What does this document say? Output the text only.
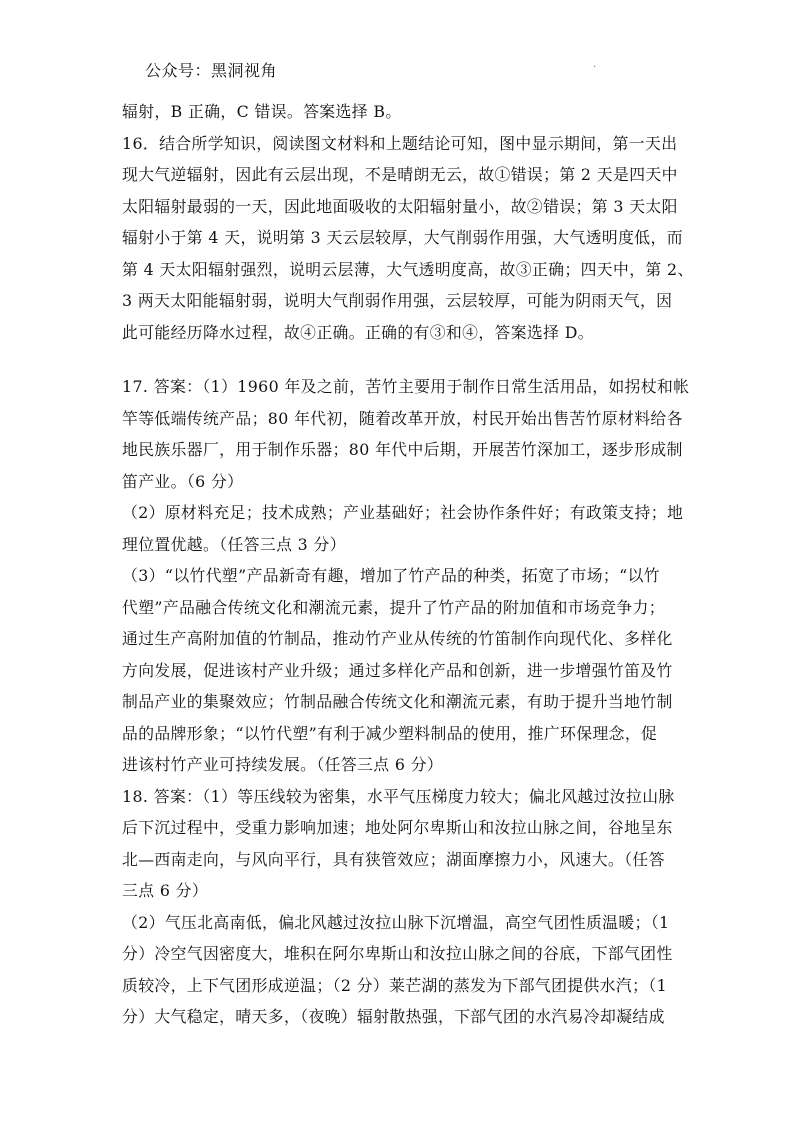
公众号：黑洞视角	·
辐射，B 正确，C 错误。答案选择 B。
16．结合所学知识，阅读图文材料和上题结论可知，图中显示期间，第一天出
现大气逆辐射，因此有云层出现，不是晴朗无云，故①错误；第 2 天是四天中
太阳辐射最弱的一天，因此地面吸收的太阳辐射量小，故②错误；第 3 天太阳
辐射小于第 4 天，说明第 3 天云层较厚，大气削弱作用强，大气透明度低，而
第 4 天太阳辐射强烈，说明云层薄，大气透明度高，故③正确；四天中，第 2、
3 两天太阳能辐射弱，说明大气削弱作用强，云层较厚，可能为阴雨天气，因
此可能经历降水过程，故④正确。正确的有③和④，答案选择 D。
17. 答案：（1）1960 年及之前，苦竹主要用于制作日常生活用品，如拐杖和帐
竿等低端传统产品；80 年代初，随着改革开放，村民开始出售苦竹原材料给各
地民族乐器厂，用于制作乐器；80 年代中后期，开展苦竹深加工，逐步形成制
笛产业。（6 分）
（2）原材料充足；技术成熟；产业基础好；社会协作条件好；有政策支持；地
理位置优越。（任答三点 3 分）
（3）“以竹代塑”产品新奇有趣，增加了竹产品的种类，拓宽了市场；“以竹
代塑”产品融合传统文化和潮流元素，提升了竹产品的附加值和市场竞争力；
通过生产高附加值的竹制品，推动竹产业从传统的竹笛制作向现代化、多样化
方向发展，促进该村产业升级；通过多样化产品和创新，进一步增强竹笛及竹
制品产业的集聚效应；竹制品融合传统文化和潮流元素，有助于提升当地竹制
品的品牌形象；“以竹代塑”有利于减少塑料制品的使用，推广环保理念，促
进该村竹产业可持续发展。（任答三点 6 分）
18. 答案：（1）等压线较为密集，水平气压梯度力较大；偏北风越过汝拉山脉
后下沉过程中，受重力影响加速；地处阿尔卑斯山和汝拉山脉之间，谷地呈东
北—西南走向，与风向平行，具有狭管效应；湖面摩擦力小，风速大。（任答
三点 6 分）
（2）气压北高南低，偏北风越过汝拉山脉下沉增温，高空气团性质温暖；（1
分）冷空气因密度大，堆积在阿尔卑斯山和汝拉山脉之间的谷底，下部气团性
质较冷，上下气团形成逆温；（2 分）莱芒湖的蒸发为下部气团提供水汽；（1
分）大气稳定，晴天多，（夜晚）辐射散热强，下部气团的水汽易冷却凝结成
